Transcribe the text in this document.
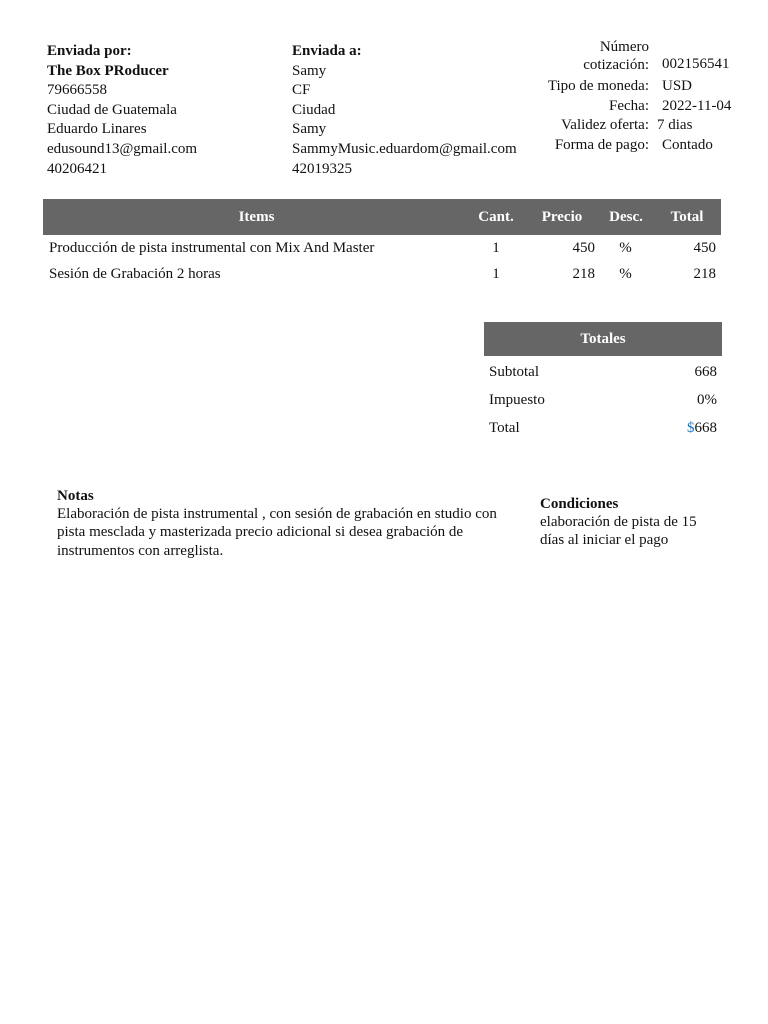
Enviada por:
The Box PRoducer
79666558
Ciudad de Guatemala
Eduardo Linares
edusound13@gmail.com
40206421
Enviada a:
Samy
CF
Ciudad
Samy
SammyMusic.eduardom@gmail.com
42019325
Número
cotización: 002156541
Tipo de moneda: USD
Fecha: 2022-11-04
Validez oferta: 7 dias
Forma de pago: Contado
Items	Cant.	Precio	Desc.	Total
Producción de pista instrumental con Mix And Master	1	450	%	450
Sesión de Grabación 2 horas	1	218	%	218
Totales
Subtotal	668
Impuesto	0%
Total	$668
Notas
Elaboración de pista instrumental , con sesión de grabación en studio con
pista mesclada y masterizada precio adicional si desea grabación de
instrumentos con arreglista.
Condiciones
elaboración de pista de 15
días al iniciar el pago
